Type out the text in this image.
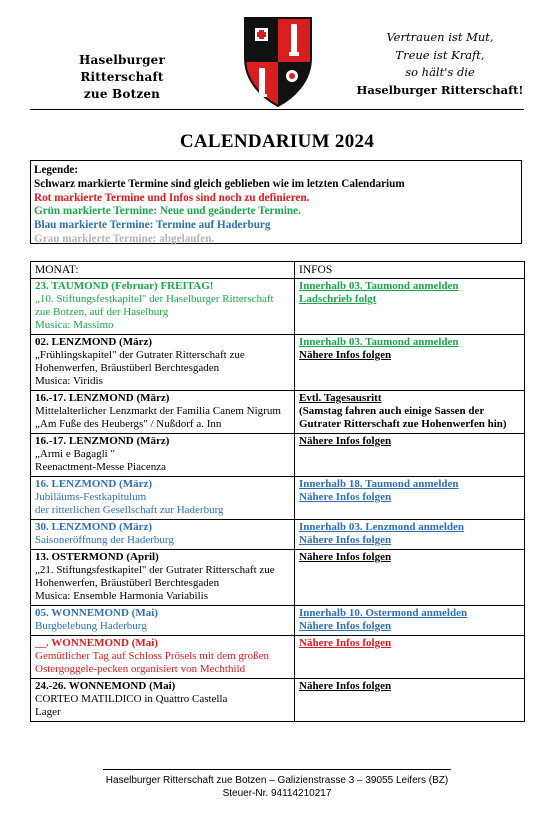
Haselburger Ritterschaft
zue Botzen
Vertrauen ist Mut,
Treue ist Kraft,
so hält's die
Haselburger Ritterschaft!
CALENDARIUM 2024
Legende:
Schwarz markierte Termine sind gleich geblieben wie im letzten Calendarium
Rot markierte Termine und Infos sind noch zu definieren.
Grün markierte Termine: Neue und geänderte Termine.
Blau markierte Termine: Termine auf Haderburg
Grau markierte Termine: abgelaufen.
MONAT:	INFOS

23. TAUMOND (Februar) FREITAG!
„10. Stiftungsfestkapitel" der Haselburger Ritterschaft
zue Botzen, auf der Haselburg
Musica: Massimo	Innerhalb 03. Taumond anmelden
Ladschrieb folgt

02. LENZMOND (März)
„Frühlingskapitel" der Gutrater Ritterschaft zue
Hohenwerfen, Bräustüberl Berchtesgaden
Musica: Viridis	Innerhalb 03. Taumond anmelden
Nähere Infos folgen

16.-17. LENZMOND (März)
Mittelalterlicher Lenzmarkt der Familia Canem Nigrum
„Am Fuße des Heubergs" / Nußdorf a. Inn	Evtl. Tagesausritt
(Samstag fahren auch einige Sassen der
Gutrater Ritterschaft zue Hohenwerfen hin)

16.-17. LENZMOND (März)
„Armi e Bagagli "
Reenactment-Messe Piacenza	Nähere Infos folgen

16. LENZMOND (März)
Jubiläums-Festkapitulum
der ritterlichen Gesellschaft zur Haderburg	Innerhalb 18. Taumond anmelden
Nähere Infos folgen

30. LENZMOND (März)
Saisoneröffnung der Haderburg	Innerhalb 03. Lenzmond anmelden
Nähere Infos folgen

13. OSTERMOND (April)
„21. Stiftungsfestkapitel" der Gutrater Ritterschaft zue
Hohenwerfen, Bräustüberl Berchtesgaden
Musica: Ensemble Harmonia Variabilis	Nähere Infos folgen

05. WONNEMOND (Mai)
Burgbelebung Haderburg	Innerhalb 10. Ostermond anmelden
Nähere Infos folgen

__. WONNEMOND (Mai)
Gemütlicher Tag auf Schloss Prösels mit dem großen
Ostergoggele-pecken organisiert von Mechthild	Nähere Infos folgen

24.-26. WONNEMOND (Mai)
CORTEO MATILDICO in Quattro Castella
Lager	Nähere Infos folgen
Haselburger Ritterschaft zue Botzen – Galizienstrasse 3 – 39055 Leifers (BZ)
Steuer-Nr. 94114210217
